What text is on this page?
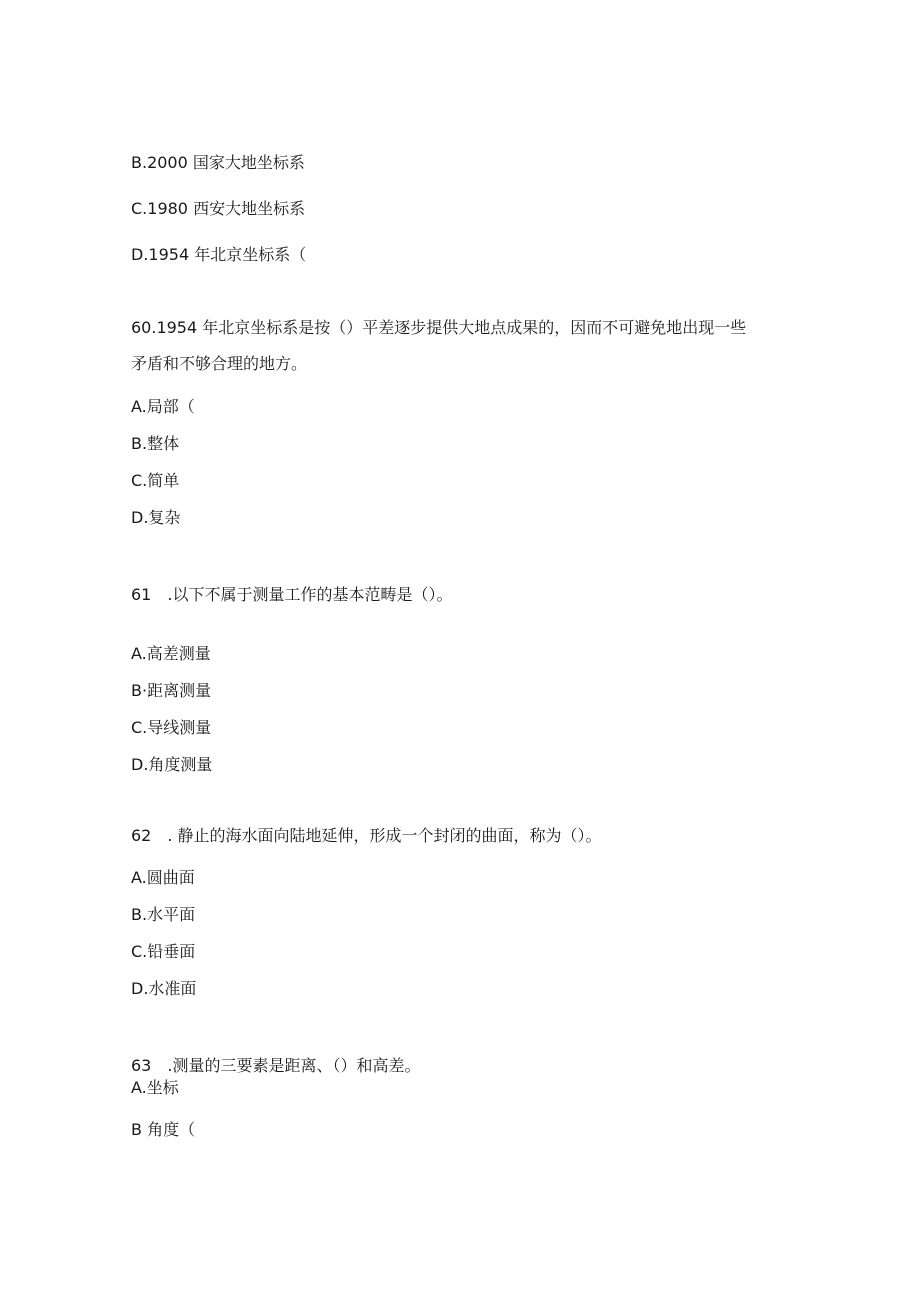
B.2000 国家大地坐标系
C.1980 西安大地坐标系
D.1954 年北京坐标系（
60.1954 年北京坐标系是按（）平差逐步提供大地点成果的，因而不可避免地出现一些
矛盾和不够合理的地方。
A.局部（
B.整体
C.简单
D.复杂
61　.以下不属于测量工作的基本范畴是（）。
A.高差测量
B·距离测量
C.导线测量
D.角度测量
62　. 静止的海水面向陆地延伸，形成一个封闭的曲面，称为（）。
A.圆曲面
B.水平面
C.铅垂面
D.水准面
63　.测量的三要素是距离、（）和高差。
A.坐标
B 角度（
